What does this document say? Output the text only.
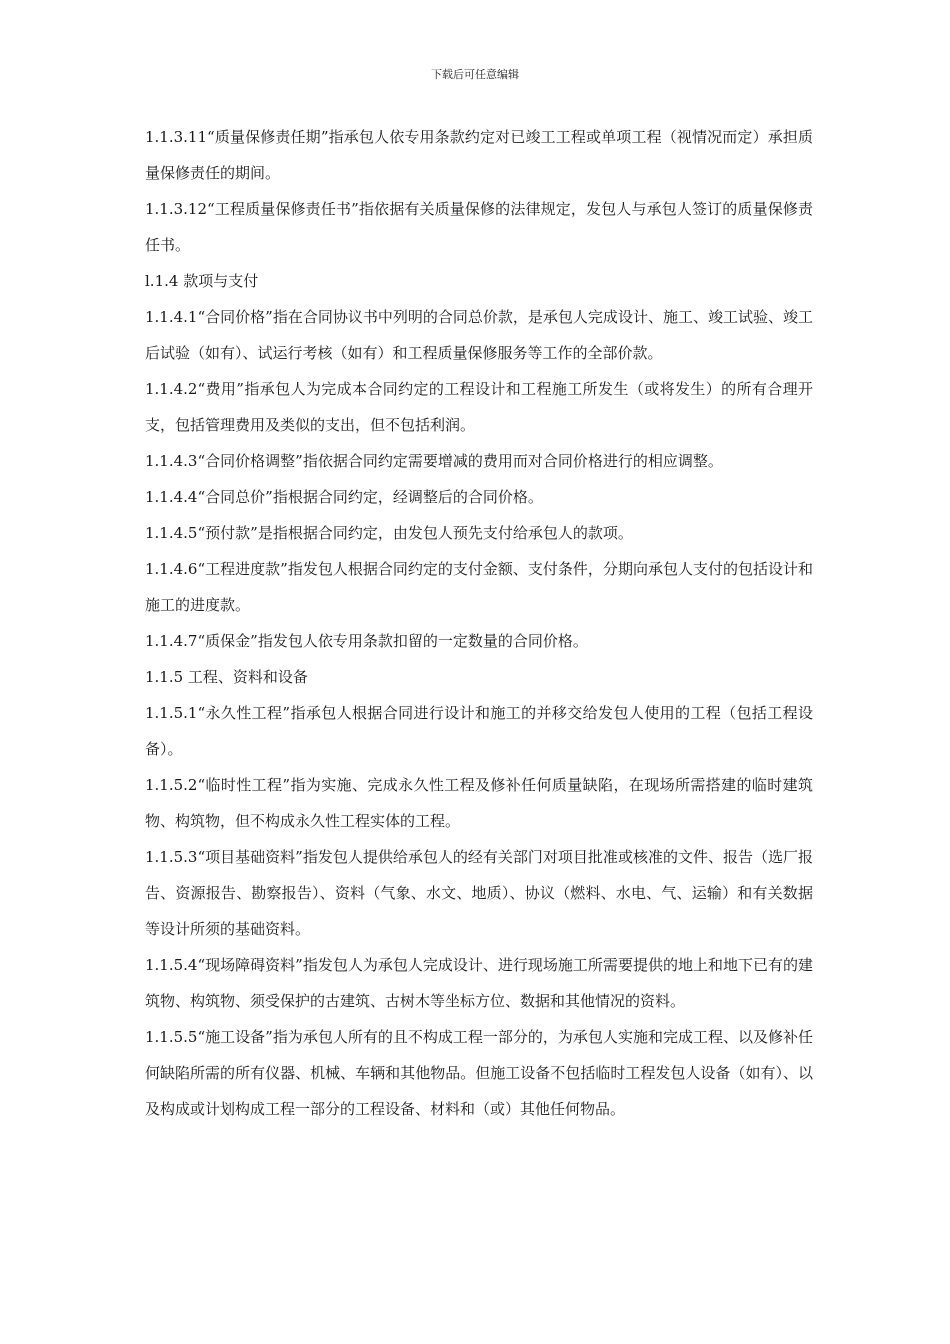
下载后可任意编辑

1.1.3.11“质量保修责任期”指承包人依专用条款约定对已竣工工程或单项工程（视情况而定）承担质量保修责任的期间。

1.1.3.12“工程质量保修责任书”指依据有关质量保修的法律规定，发包人与承包人签订的质量保修责任书。

l.1.4 款项与支付

1.1.4.1“合同价格”指在合同协议书中列明的合同总价款，是承包人完成设计、施工、竣工试验、竣工后试验（如有）、试运行考核（如有）和工程质量保修服务等工作的全部价款。

1.1.4.2“费用”指承包人为完成本合同约定的工程设计和工程施工所发生（或将发生）的所有合理开支，包括管理费用及类似的支出，但不包括利润。

1.1.4.3“合同价格调整”指依据合同约定需要增减的费用而对合同价格进行的相应调整。

1.1.4.4“合同总价”指根据合同约定，经调整后的合同价格。

1.1.4.5“预付款”是指根据合同约定，由发包人预先支付给承包人的款项。

1.1.4.6“工程进度款”指发包人根据合同约定的支付金额、支付条件，分期向承包人支付的包括设计和施工的进度款。

1.1.4.7“质保金”指发包人依专用条款扣留的一定数量的合同价格。

1.1.5 工程、资料和设备

1.1.5.1“永久性工程”指承包人根据合同进行设计和施工的并移交给发包人使用的工程（包括工程设备）。

1.1.5.2“临时性工程”指为实施、完成永久性工程及修补任何质量缺陷，在现场所需搭建的临时建筑物、构筑物，但不构成永久性工程实体的工程。

1.1.5.3“项目基础资料”指发包人提供给承包人的经有关部门对项目批准或核准的文件、报告（选厂报告、资源报告、勘察报告）、资料（气象、水文、地质）、协议（燃料、水电、气、运输）和有关数据等设计所须的基础资料。

1.1.5.4“现场障碍资料”指发包人为承包人完成设计、进行现场施工所需要提供的地上和地下已有的建筑物、构筑物、须受保护的古建筑、古树木等坐标方位、数据和其他情况的资料。

1.1.5.5“施工设备”指为承包人所有的且不构成工程一部分的，为承包人实施和完成工程、以及修补任何缺陷所需的所有仪器、机械、车辆和其他物品。但施工设备不包括临时工程发包人设备（如有）、以及构成或计划构成工程一部分的工程设备、材料和（或）其他任何物品。
